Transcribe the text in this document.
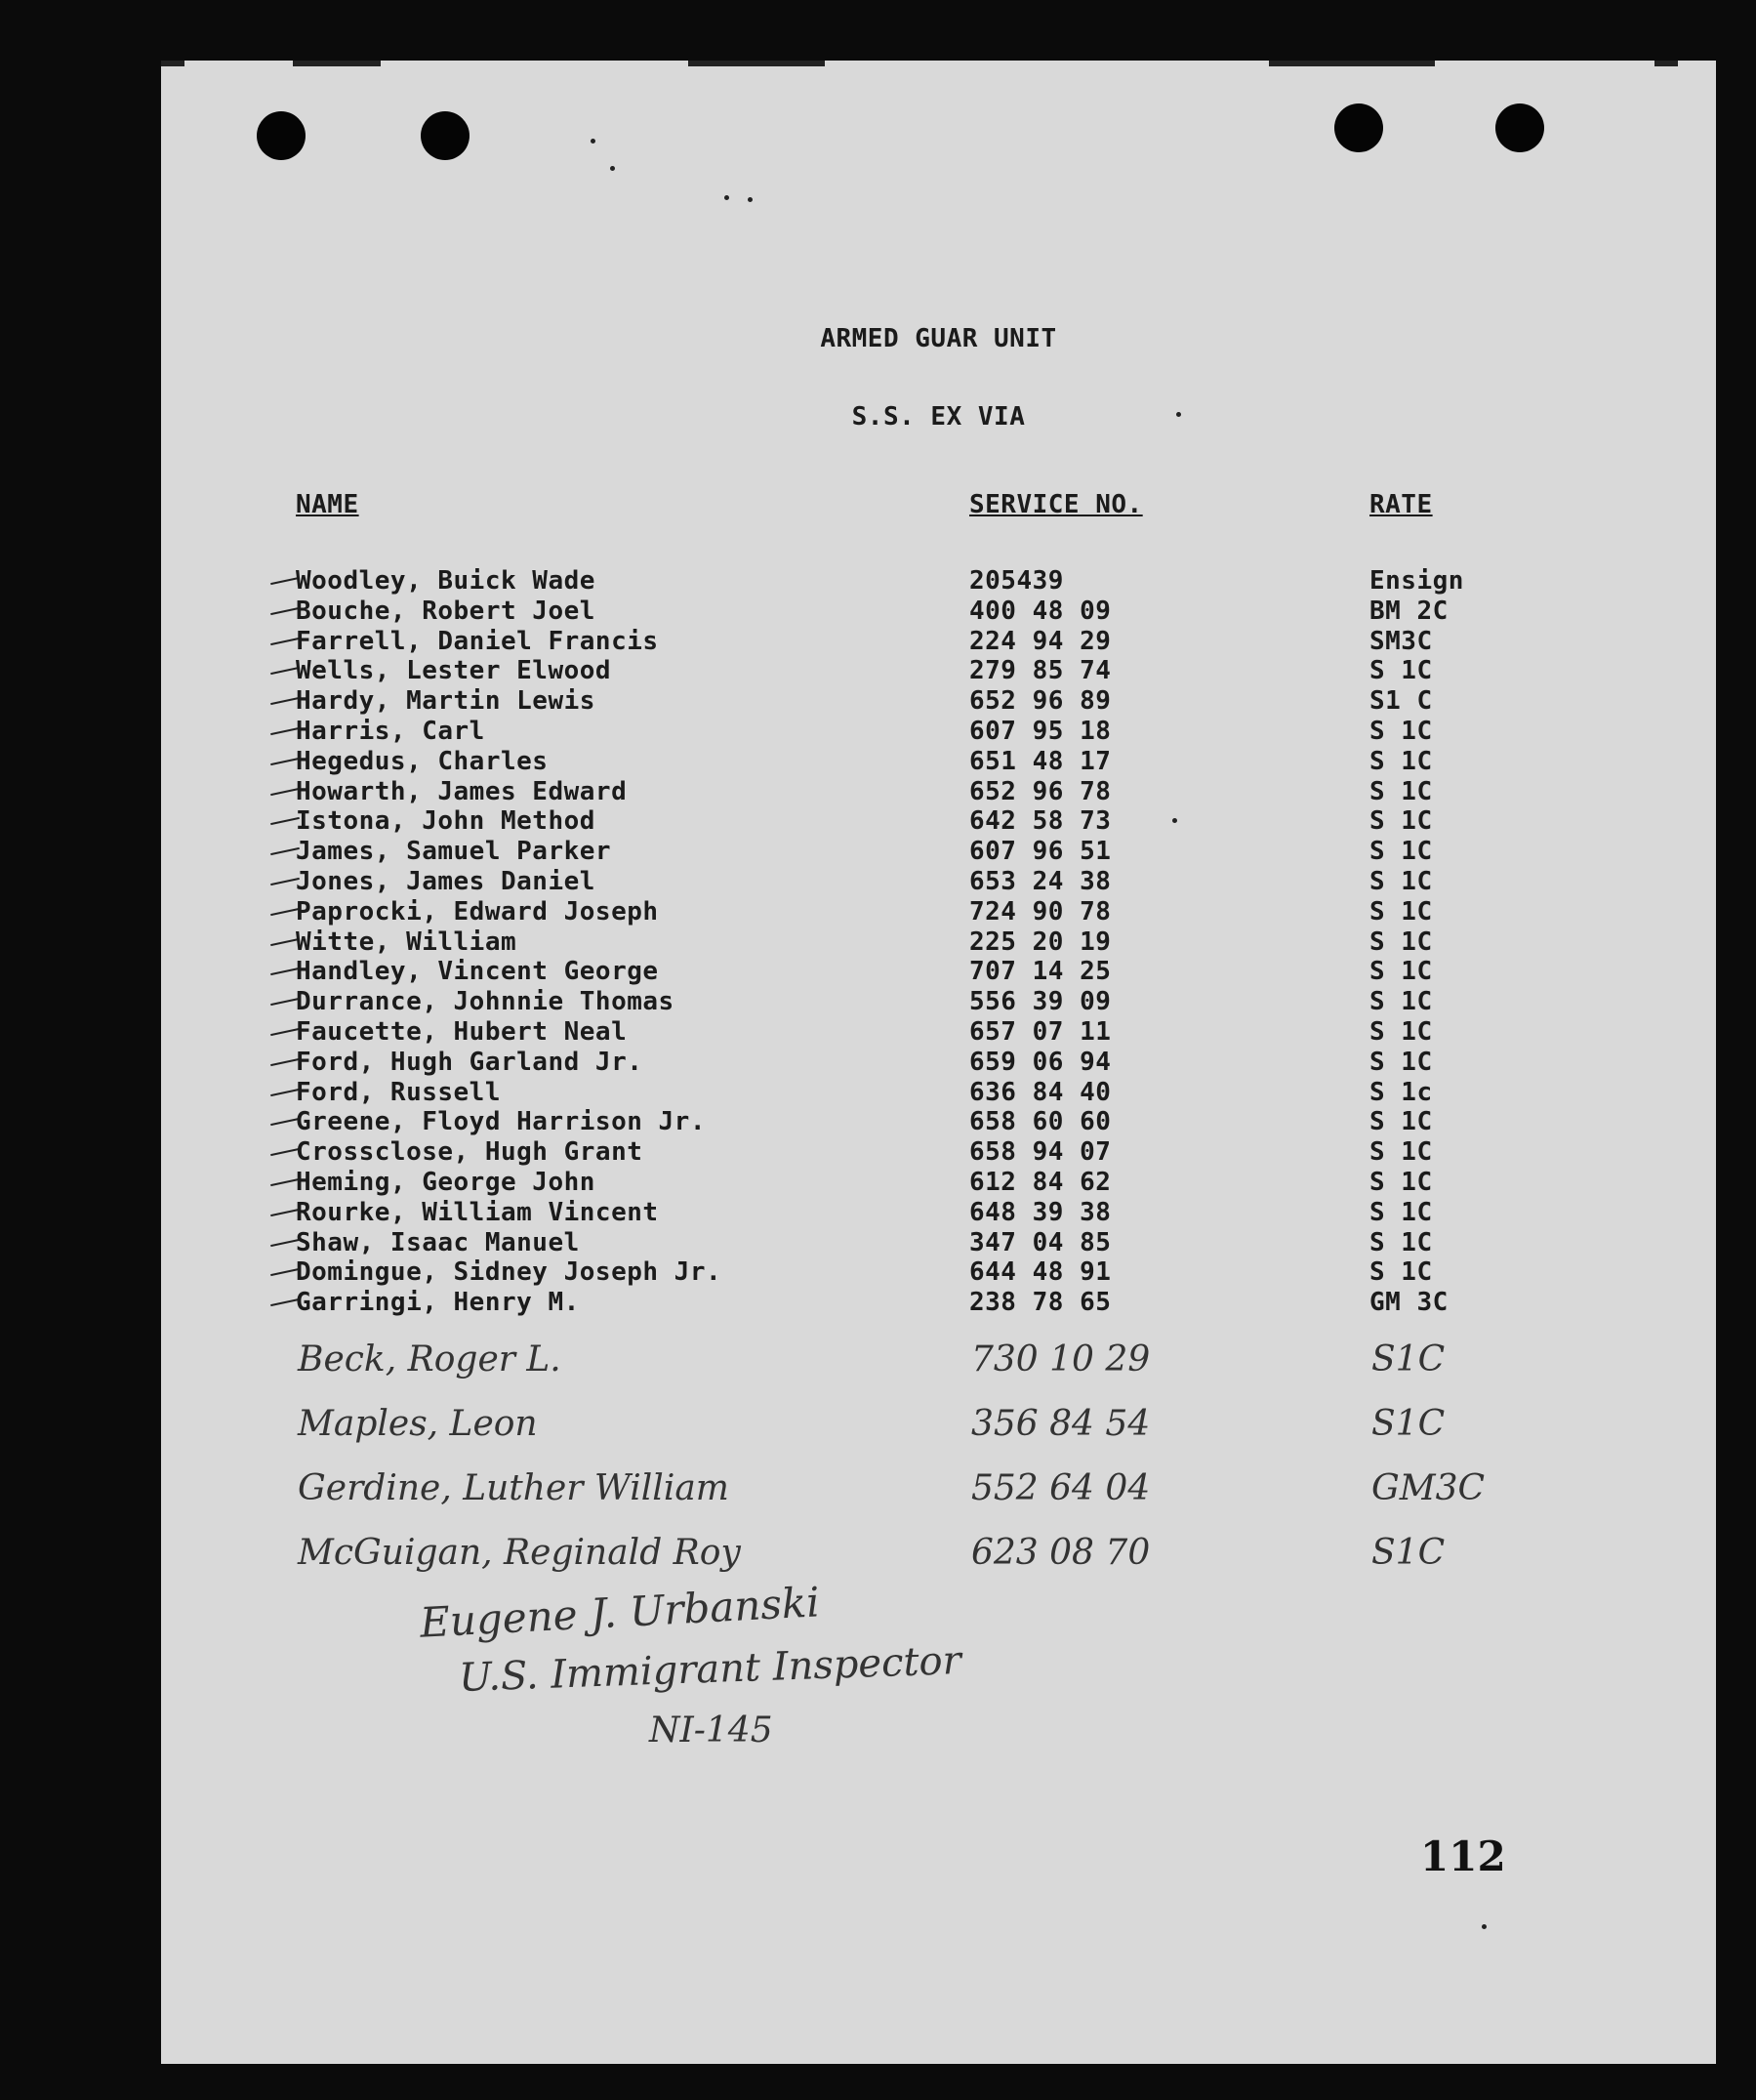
ARMED GUAR UNIT
S.S. EX VIA
NAME	SERVICE NO.	RATE
Woodley, Buick Wade	205439	Ensign
Bouche, Robert Joel	400 48 09	BM 2C
Farrell, Daniel Francis	224 94 29	SM3C
Wells, Lester Elwood	279 85 74	S 1C
Hardy, Martin Lewis	652 96 89	S1 C
Harris, Carl	607 95 18	S 1C
Hegedus, Charles	651 48 17	S 1C
Howarth, James Edward	652 96 78	S 1C
Istona, John Method	642 58 73	S 1C
James, Samuel Parker	607 96 51	S 1C
Jones, James Daniel	653 24 38	S 1C
Paprocki, Edward Joseph	724 90 78	S 1C
Witte, William	225 20 19	S 1C
Handley, Vincent George	707 14 25	S 1C
Durrance, Johnnie Thomas	556 39 09	S 1C
Faucette, Hubert Neal	657 07 11	S 1C
Ford, Hugh Garland Jr.	659 06 94	S 1C
Ford, Russell	636 84 40	S 1c
Greene, Floyd Harrison Jr.	658 60 60	S 1C
Crossclose, Hugh Grant	658 94 07	S 1C
Heming, George John	612 84 62	S 1C
Rourke, William Vincent	648 39 38	S 1C
Shaw, Isaac Manuel	347 04 85	S 1C
Domingue, Sidney Joseph Jr.	644 48 91	S 1C
Garringi, Henry M.	238 78 65	GM 3C
Beck, Roger L.	730 10 29	S1C
Maples, Leon	356 84 54	S1C
Gerdine, Luther William	552 64 04	GM3C
McGuigan, Reginald Roy	623 08 70	S1C
Eugene J. Urbanski
U.S. Immigrant Inspector
NI-145
112
